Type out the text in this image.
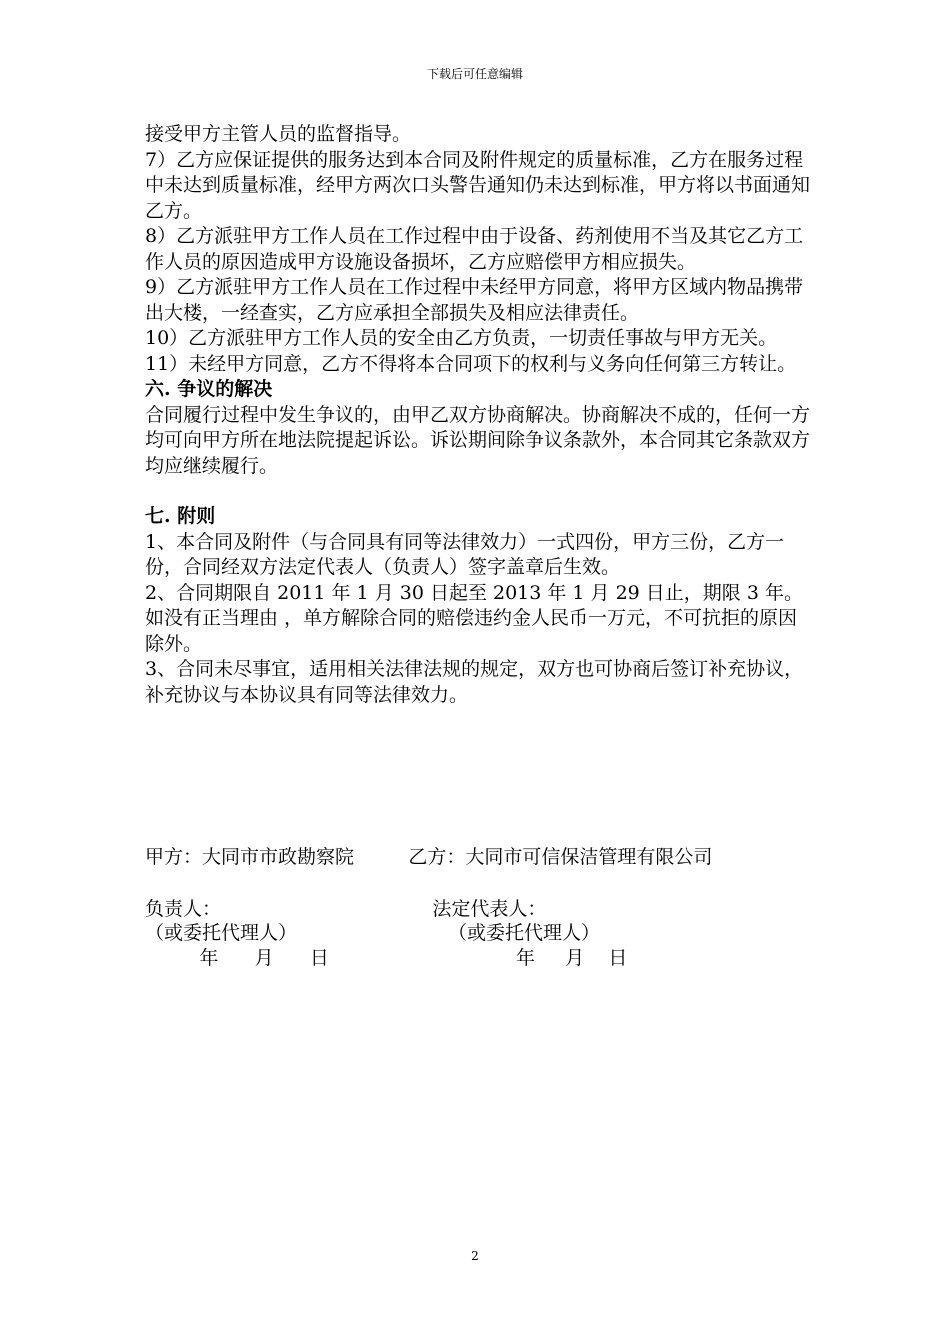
下载后可任意编辑

接受甲方主管人员的监督指导。

7）乙方应保证提供的服务达到本合同及附件规定的质量标准，乙方在服务过程中未达到质量标准，经甲方两次口头警告通知仍未达到标准，甲方将以书面通知乙方。

8）乙方派驻甲方工作人员在工作过程中由于设备、药剂使用不当及其它乙方工作人员的原因造成甲方设施设备损坏，乙方应赔偿甲方相应损失。

9）乙方派驻甲方工作人员在工作过程中未经甲方同意，将甲方区域内物品携带出大楼，一经查实，乙方应承担全部损失及相应法律责任。

10）乙方派驻甲方工作人员的安全由乙方负责，一切责任事故与甲方无关。

11）未经甲方同意，乙方不得将本合同项下的权利与义务向任何第三方转让。

六. 争议的解决

合同履行过程中发生争议的，由甲乙双方协商解决。协商解决不成的，任何一方均可向甲方所在地法院提起诉讼。诉讼期间除争议条款外，本合同其它条款双方均应继续履行。

七. 附则

1、本合同及附件（与合同具有同等法律效力）一式四份，甲方三份，乙方一份，合同经双方法定代表人（负责人）签字盖章后生效。

2、合同期限自 2011 年 1 月 30 日起至 2013 年 1 月 29 日止，期限 3 年。如没有正当理由 ，单方解除合同的赔偿违约金人民币一万元，不可抗拒的原因除外。

3、合同未尽事宜，适用相关法律法规的规定，双方也可协商后签订补充协议，补充协议与本协议具有同等法律效力。

甲方：大同市市政勘察院         乙方：大同市可信保洁管理有限公司
负责人：                                   法定代表人：
（或委托代理人）                         （或委托代理人）
年      月      日                               年     月    日
2
